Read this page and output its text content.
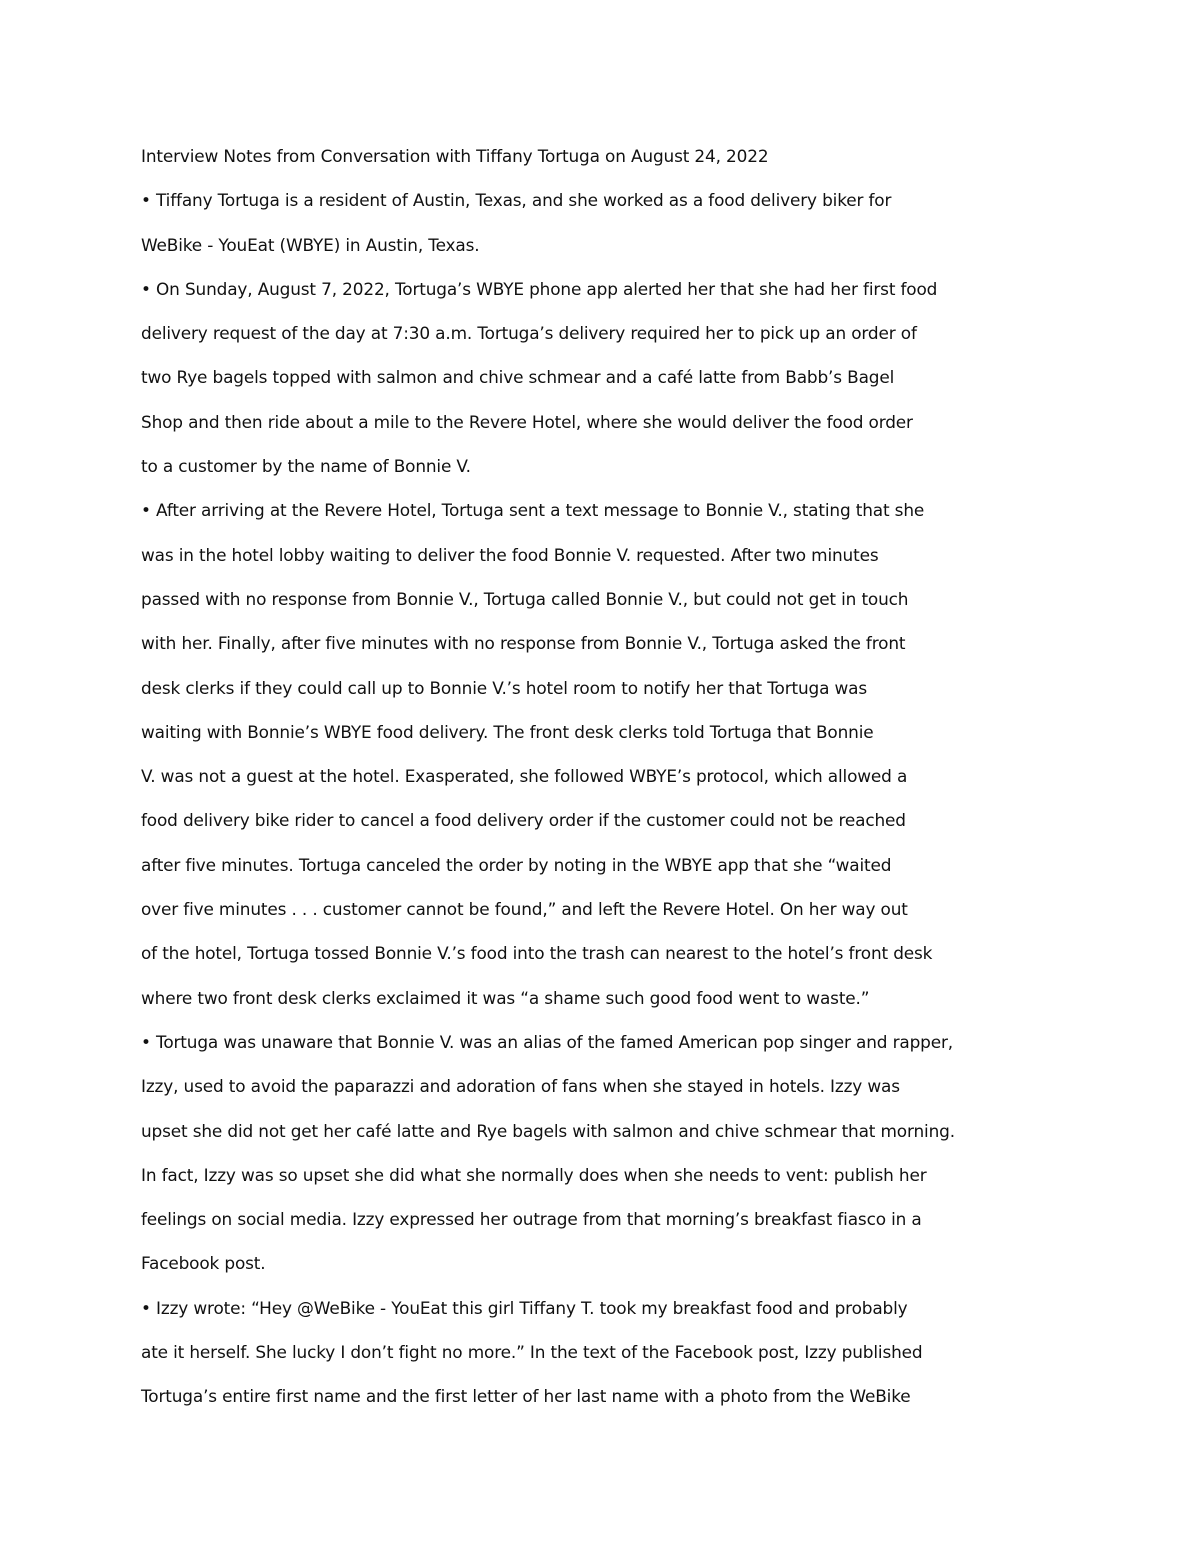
Interview Notes from Conversation with Tiffany Tortuga on August 24, 2022
• Tiffany Tortuga is a resident of Austin, Texas, and she worked as a food delivery biker for
WeBike - YouEat (WBYE) in Austin, Texas.
• On Sunday, August 7, 2022, Tortuga’s WBYE phone app alerted her that she had her first food
delivery request of the day at 7:30 a.m. Tortuga’s delivery required her to pick up an order of
two Rye bagels topped with salmon and chive schmear and a café latte from Babb’s Bagel
Shop and then ride about a mile to the Revere Hotel, where she would deliver the food order
to a customer by the name of Bonnie V.
• After arriving at the Revere Hotel, Tortuga sent a text message to Bonnie V., stating that she
was in the hotel lobby waiting to deliver the food Bonnie V. requested. After two minutes
passed with no response from Bonnie V., Tortuga called Bonnie V., but could not get in touch
with her. Finally, after five minutes with no response from Bonnie V., Tortuga asked the front
desk clerks if they could call up to Bonnie V.’s hotel room to notify her that Tortuga was
waiting with Bonnie’s WBYE food delivery. The front desk clerks told Tortuga that Bonnie
V. was not a guest at the hotel. Exasperated, she followed WBYE’s protocol, which allowed a
food delivery bike rider to cancel a food delivery order if the customer could not be reached
after five minutes. Tortuga canceled the order by noting in the WBYE app that she “waited
over five minutes . . . customer cannot be found,” and left the Revere Hotel. On her way out
of the hotel, Tortuga tossed Bonnie V.’s food into the trash can nearest to the hotel’s front desk
where two front desk clerks exclaimed it was “a shame such good food went to waste.”
• Tortuga was unaware that Bonnie V. was an alias of the famed American pop singer and rapper,
Izzy, used to avoid the paparazzi and adoration of fans when she stayed in hotels. Izzy was
upset she did not get her café latte and Rye bagels with salmon and chive schmear that morning.
In fact, Izzy was so upset she did what she normally does when she needs to vent: publish her
feelings on social media. Izzy expressed her outrage from that morning’s breakfast fiasco in a
Facebook post.
• Izzy wrote: “Hey @WeBike - YouEat this girl Tiffany T. took my breakfast food and probably
ate it herself. She lucky I don’t fight no more.” In the text of the Facebook post, Izzy published
Tortuga’s entire first name and the first letter of her last name with a photo from the WeBike
